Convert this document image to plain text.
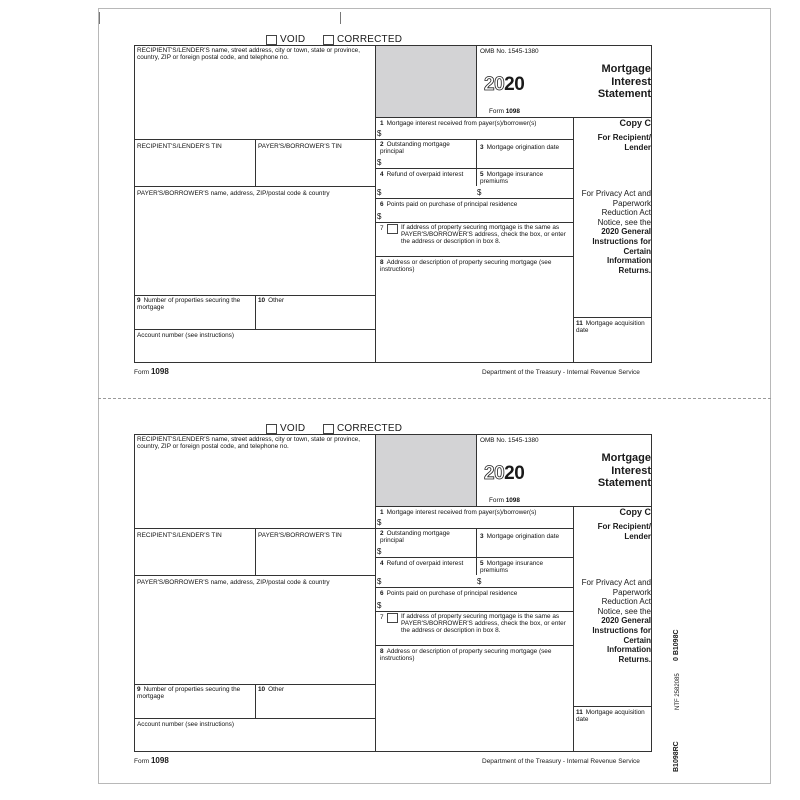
VOID	CORRECTED
RECIPIENT'S/LENDER'S name, street address, city or town, state or province, country, ZIP or foreign postal code, and telephone no.
OMB No. 1545-1380
2020
Form 1098
Mortgage Interest Statement
Copy C
For Recipient/ Lender
For Privacy Act and Paperwork Reduction Act Notice, see the 2020 General Instructions for Certain Information Returns.
RECIPIENT'S/LENDER'S TIN	PAYER'S/BORROWER'S TIN
PAYER'S/BORROWER'S name, address, ZIP/postal code & country
9 Number of properties securing the mortgage
10 Other
Account number (see instructions)
1 Mortgage interest received from payer(s)/borrower(s)
$
2 Outstanding mortgage principal
$
3 Mortgage origination date
4 Refund of overpaid interest
$
5 Mortgage insurance premiums
$
6 Points paid on purchase of principal residence
$
7	If address of property securing mortgage is the same as PAYER'S/BORROWER'S address, check the box, or enter the address or description in box 8.
8 Address or description of property securing mortgage (see instructions)
11 Mortgage acquisition date
Form 1098	Department of the Treasury - Internal Revenue Service
VOID	CORRECTED
RECIPIENT'S/LENDER'S name, street address, city or town, state or province, country, ZIP or foreign postal code, and telephone no.
OMB No. 1545-1380
2020
Form 1098
Mortgage Interest Statement
Copy C
For Recipient/ Lender
For Privacy Act and Paperwork Reduction Act Notice, see the 2020 General Instructions for Certain Information Returns.
RECIPIENT'S/LENDER'S TIN	PAYER'S/BORROWER'S TIN
PAYER'S/BORROWER'S name, address, ZIP/postal code & country
9 Number of properties securing the mortgage
10 Other
Account number (see instructions)
1 Mortgage interest received from payer(s)/borrower(s)
$
2 Outstanding mortgage principal
$
3 Mortgage origination date
4 Refund of overpaid interest
$
5 Mortgage insurance premiums
$
6 Points paid on purchase of principal residence
$
7	If address of property securing mortgage is the same as PAYER'S/BORROWER'S address, check the box, or enter the address or description in box 8.
8 Address or description of property securing mortgage (see instructions)
11 Mortgage acquisition date
Form 1098	Department of the Treasury - Internal Revenue Service
0 B1098C
NTF 2582085
B1098RC
